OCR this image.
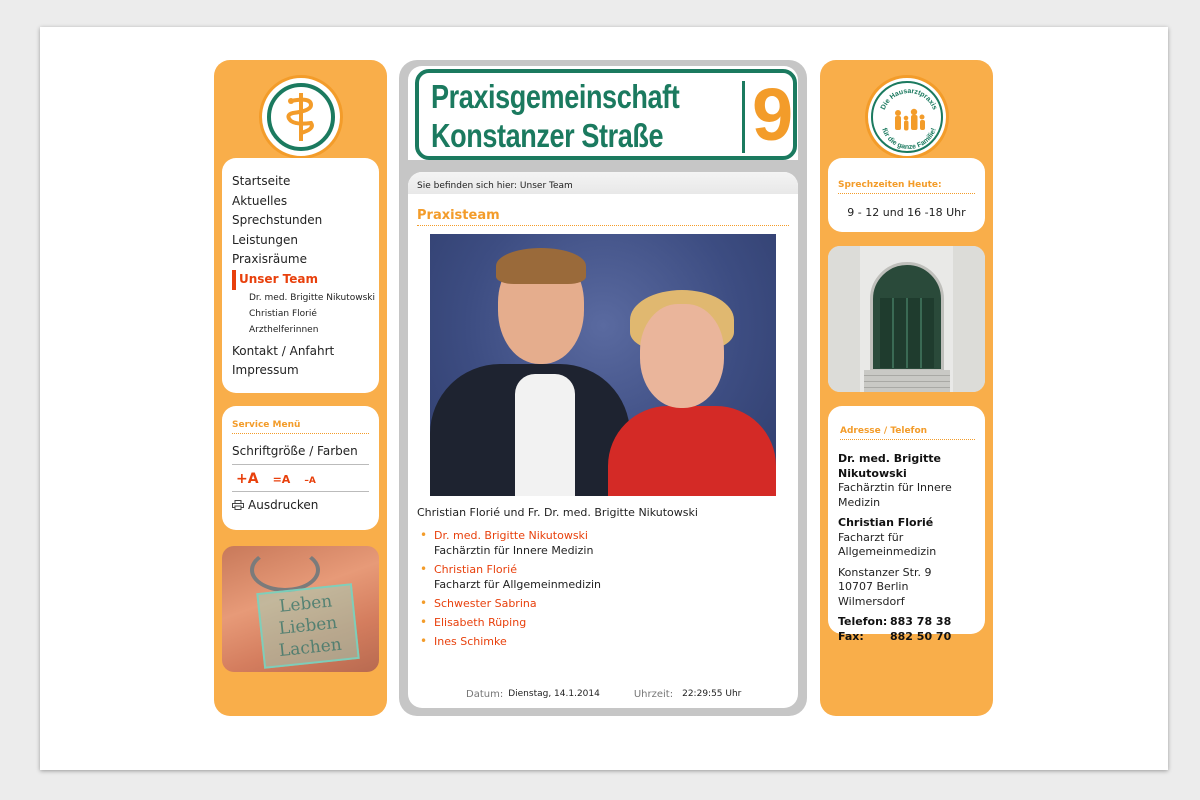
Startseite
Aktuelles
Sprechstunden
Leistungen
Praxisräume
Unser Team
Dr. med. Brigitte Nikutowski
Christian Florié
Arzthelferinnen
Kontakt / Anfahrt
Impressum
Service Menü
Schriftgröße / Farben
+A =A –A
Ausdrucken
Leben
Lieben
Lachen
Praxisgemeinschaft
Konstanzer Straße 9
Sie befinden sich hier: Unser Team
Praxisteam
Christian Florié und Fr. Dr. med. Brigitte Nikutowski
• Dr. med. Brigitte Nikutowski
Fachärztin für Innere Medizin
• Christian Florié
Facharzt für Allgemeinmedizin
• Schwester Sabrina
• Elisabeth Rüping
• Ines Schimke
Datum: Dienstag, 14.1.2014	Uhrzeit: 22:29:55 Uhr
Die Hausarztpraxis
für die ganze Familie!
Sprechzeiten Heute:
9 - 12 und 16 -18 Uhr
Adresse / Telefon
Dr. med. Brigitte Nikutowski
Fachärztin für Innere Medizin
Christian Florié
Facharzt für Allgemeinmedizin
Konstanzer Str. 9
10707 Berlin Wilmersdorf
Telefon: 883 78 38
Fax:	882 50 70
